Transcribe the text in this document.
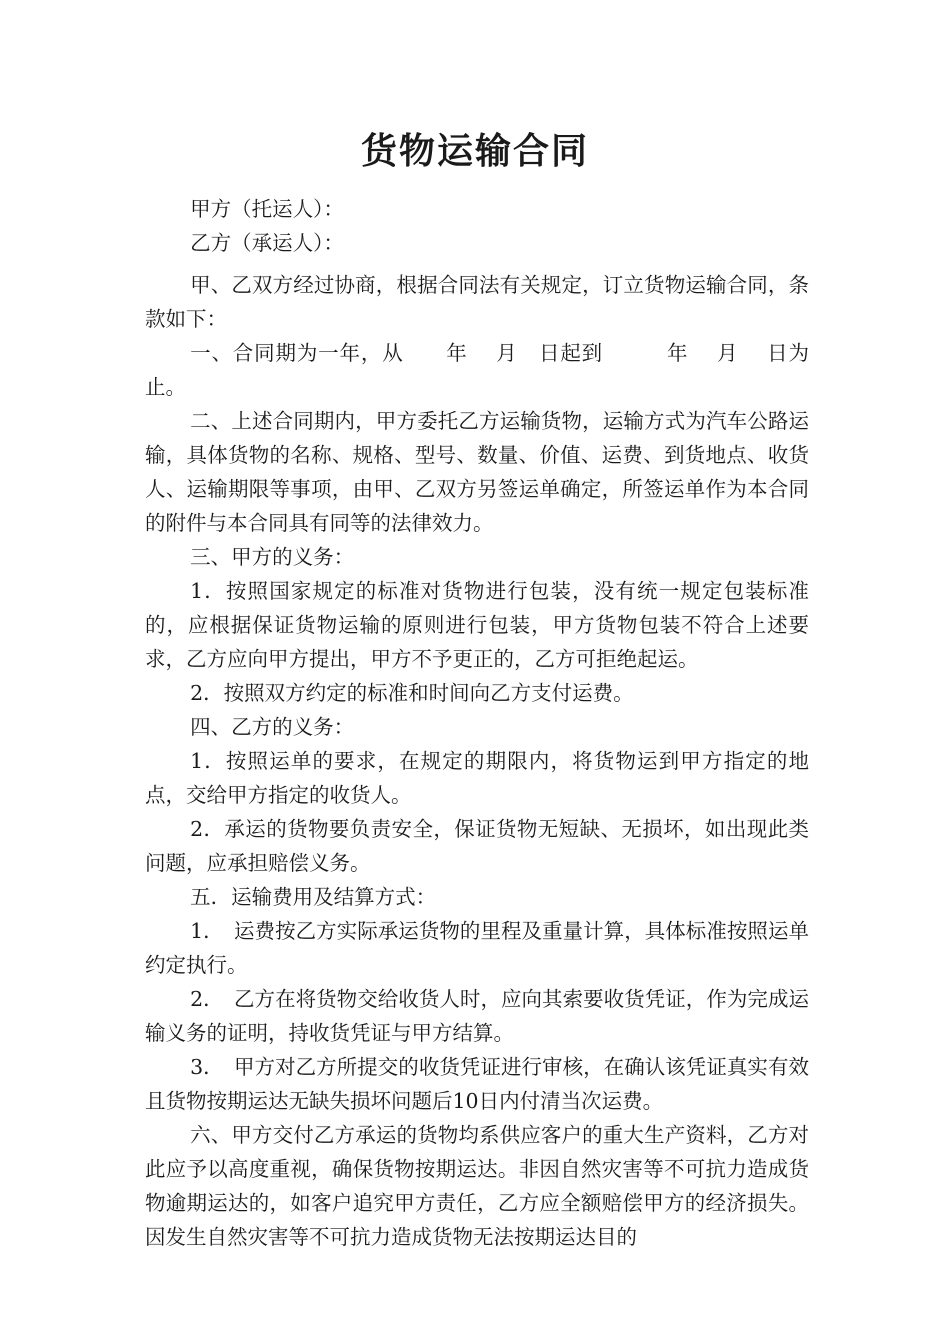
货物运输合同

甲方（托运人）：

乙方（承运人）：

甲、乙双方经过协商，根据合同法有关规定，订立货物运输合同，条款如下：

一、合同期为一年，从　　年　 月　日起到　　　年　 月　 日为止。

二、上述合同期内，甲方委托乙方运输货物，运输方式为汽车公路运输，具体货物的名称、规格、型号、数量、价值、运费、到货地点、收货人、运输期限等事项，由甲、乙双方另签运单确定，所签运单作为本合同的附件与本合同具有同等的法律效力。

三、甲方的义务：

1．按照国家规定的标准对货物进行包装，没有统一规定包装标准的，应根据保证货物运输的原则进行包装，甲方货物包装不符合上述要求，乙方应向甲方提出，甲方不予更正的，乙方可拒绝起运。

2．按照双方约定的标准和时间向乙方支付运费。

四、乙方的义务：

1．按照运单的要求，在规定的期限内，将货物运到甲方指定的地点，交给甲方指定的收货人。

2．承运的货物要负责安全，保证货物无短缺、无损坏，如出现此类问题，应承担赔偿义务。

五．运输费用及结算方式：

1．　运费按乙方实际承运货物的里程及重量计算，具体标准按照运单约定执行。

2．　乙方在将货物交给收货人时，应向其索要收货凭证，作为完成运输义务的证明，持收货凭证与甲方结算。

3．　甲方对乙方所提交的收货凭证进行审核，在确认该凭证真实有效且货物按期运达无缺失损坏问题后10日内付清当次运费。

六、甲方交付乙方承运的货物均系供应客户的重大生产资料，乙方对此应予以高度重视，确保货物按期运达。非因自然灾害等不可抗力造成货物逾期运达的，如客户追究甲方责任，乙方应全额赔偿甲方的经济损失。因发生自然灾害等不可抗力造成货物无法按期运达目的
